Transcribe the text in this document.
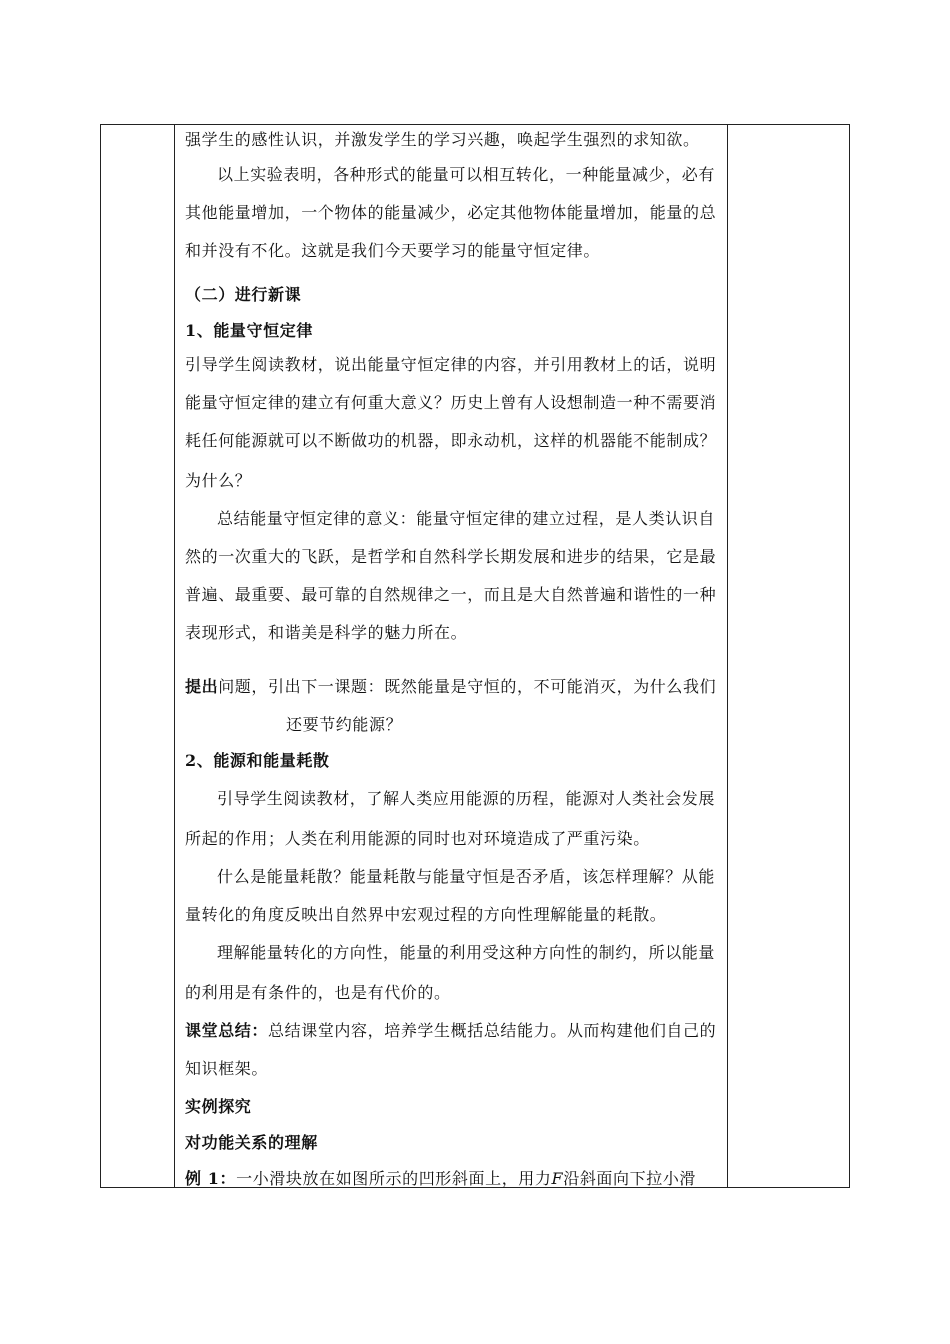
强学生的感性认识，并激发学生的学习兴趣，唤起学生强烈的求知欲。
以上实验表明，各种形式的能量可以相互转化，一种能量减少，必有
其他能量增加，一个物体的能量减少，必定其他物体能量增加，能量的总
和并没有不化。这就是我们今天要学习的能量守恒定律。
（二）进行新课
1、能量守恒定律
引导学生阅读教材，说出能量守恒定律的内容，并引用教材上的话，说明
能量守恒定律的建立有何重大意义？历史上曾有人设想制造一种不需要消
耗任何能源就可以不断做功的机器，即永动机，这样的机器能不能制成？
为什么？
总结能量守恒定律的意义：能量守恒定律的建立过程，是人类认识自
然的一次重大的飞跃，是哲学和自然科学长期发展和进步的结果，它是最
普遍、最重要、最可靠的自然规律之一，而且是大自然普遍和谐性的一种
表现形式，和谐美是科学的魅力所在。
提出问题，引出下一课题：既然能量是守恒的，不可能消灭，为什么我们
还要节约能源？
2、能源和能量耗散
引导学生阅读教材，了解人类应用能源的历程，能源对人类社会发展
所起的作用；人类在利用能源的同时也对环境造成了严重污染。
什么是能量耗散？能量耗散与能量守恒是否矛盾，该怎样理解？从能
量转化的角度反映出自然界中宏观过程的方向性理解能量的耗散。
理解能量转化的方向性，能量的利用受这种方向性的制约，所以能量
的利用是有条件的，也是有代价的。
课堂总结：总结课堂内容，培养学生概括总结能力。从而构建他们自己的
知识框架。
实例探究
对功能关系的理解
例 1：一小滑块放在如图所示的凹形斜面上，用力F沿斜面向下拉小滑
